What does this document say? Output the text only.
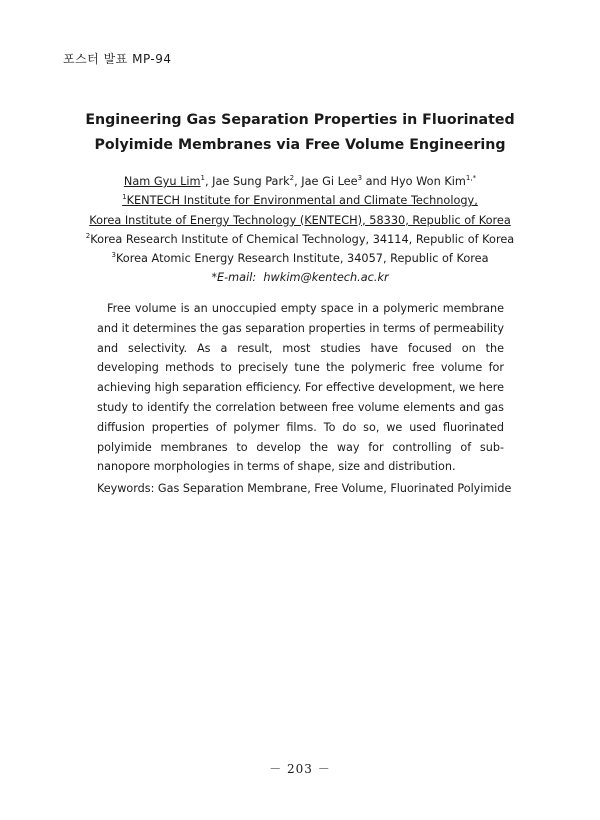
포스터 발표 MP-94
Engineering Gas Separation Properties in Fluorinated
Polyimide Membranes via Free Volume Engineering
Nam Gyu Lim$^1$, Jae Sung Park$^2$, Jae Gi Lee$^3$ and Hyo Won Kim$^{1,*}$
$^1$KENTECH Institute for Environmental and Climate Technology,
Korea Institute of Energy Technology (KENTECH), 58330, Republic of Korea
$^2$Korea Research Institute of Chemical Technology, 34114, Republic of Korea
$^3$Korea Atomic Energy Research Institute, 34057, Republic of Korea
*E-mail: hwkim@kentech.ac.kr

Free volume is an unoccupied empty space in a polymeric membrane and it determines the gas separation properties in terms of permeability and selectivity. As a result, most studies have focused on the developing methods to precisely tune the polymeric free volume for achieving high separation efficiency. For effective development, we here study to identify the correlation between free volume elements and gas diffusion properties of polymer films. To do so, we used fluorinated polyimide membranes to develop the way for controlling of sub-nanopore morphologies in terms of shape, size and distribution.

Keywords: Gas Separation Membrane, Free Volume, Fluorinated Polyimide

－ 203 －
